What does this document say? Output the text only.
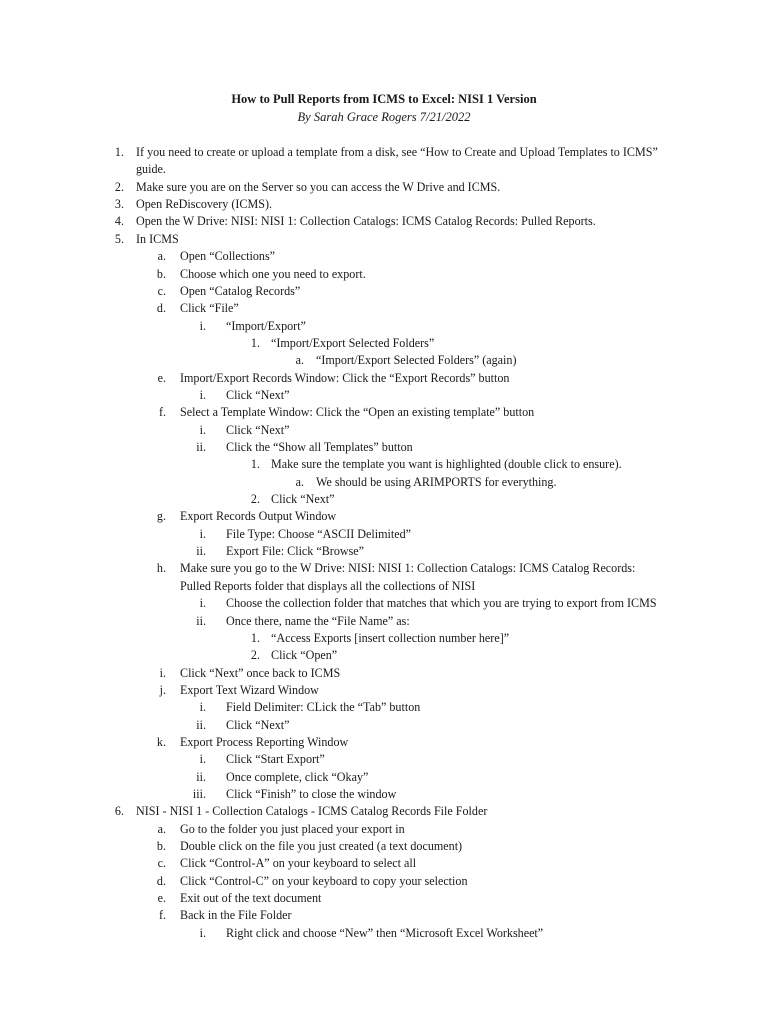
How to Pull Reports from ICMS to Excel: NISI 1 Version
By Sarah Grace Rogers 7/21/2022
1. If you need to create or upload a template from a disk, see “How to Create and Upload Templates to ICMS”
guide.
2. Make sure you are on the Server so you can access the W Drive and ICMS.
3. Open ReDiscovery (ICMS).
4. Open the W Drive: NISI: NISI 1: Collection Catalogs: ICMS Catalog Records: Pulled Reports.
5. In ICMS
a. Open “Collections”
b. Choose which one you need to export.
c. Open “Catalog Records”
d. Click “File”
i. “Import/Export”
1. “Import/Export Selected Folders”
a. “Import/Export Selected Folders” (again)
e. Import/Export Records Window: Click the “Export Records” button
i. Click “Next”
f. Select a Template Window: Click the “Open an existing template” button
i. Click “Next”
ii. Click the “Show all Templates” button
1. Make sure the template you want is highlighted (double click to ensure).
a. We should be using ARIMPORTS for everything.
2. Click “Next”
g. Export Records Output Window
i. File Type: Choose “ASCII Delimited”
ii. Export File: Click “Browse”
h. Make sure you go to the W Drive: NISI: NISI 1: Collection Catalogs: ICMS Catalog Records:
Pulled Reports folder that displays all the collections of NISI
i. Choose the collection folder that matches that which you are trying to export from ICMS
ii. Once there, name the “File Name” as:
1. “Access Exports [insert collection number here]”
2. Click “Open”
i. Click “Next” once back to ICMS
j. Export Text Wizard Window
i. Field Delimiter: CLick the “Tab” button
ii. Click “Next”
k. Export Process Reporting Window
i. Click “Start Export”
ii. Once complete, click “Okay”
iii. Click “Finish” to close the window
6. NISI - NISI 1 - Collection Catalogs - ICMS Catalog Records File Folder
a. Go to the folder you just placed your export in
b. Double click on the file you just created (a text document)
c. Click “Control-A” on your keyboard to select all
d. Click “Control-C” on your keyboard to copy your selection
e. Exit out of the text document
f. Back in the File Folder
i. Right click and choose “New” then “Microsoft Excel Worksheet”
